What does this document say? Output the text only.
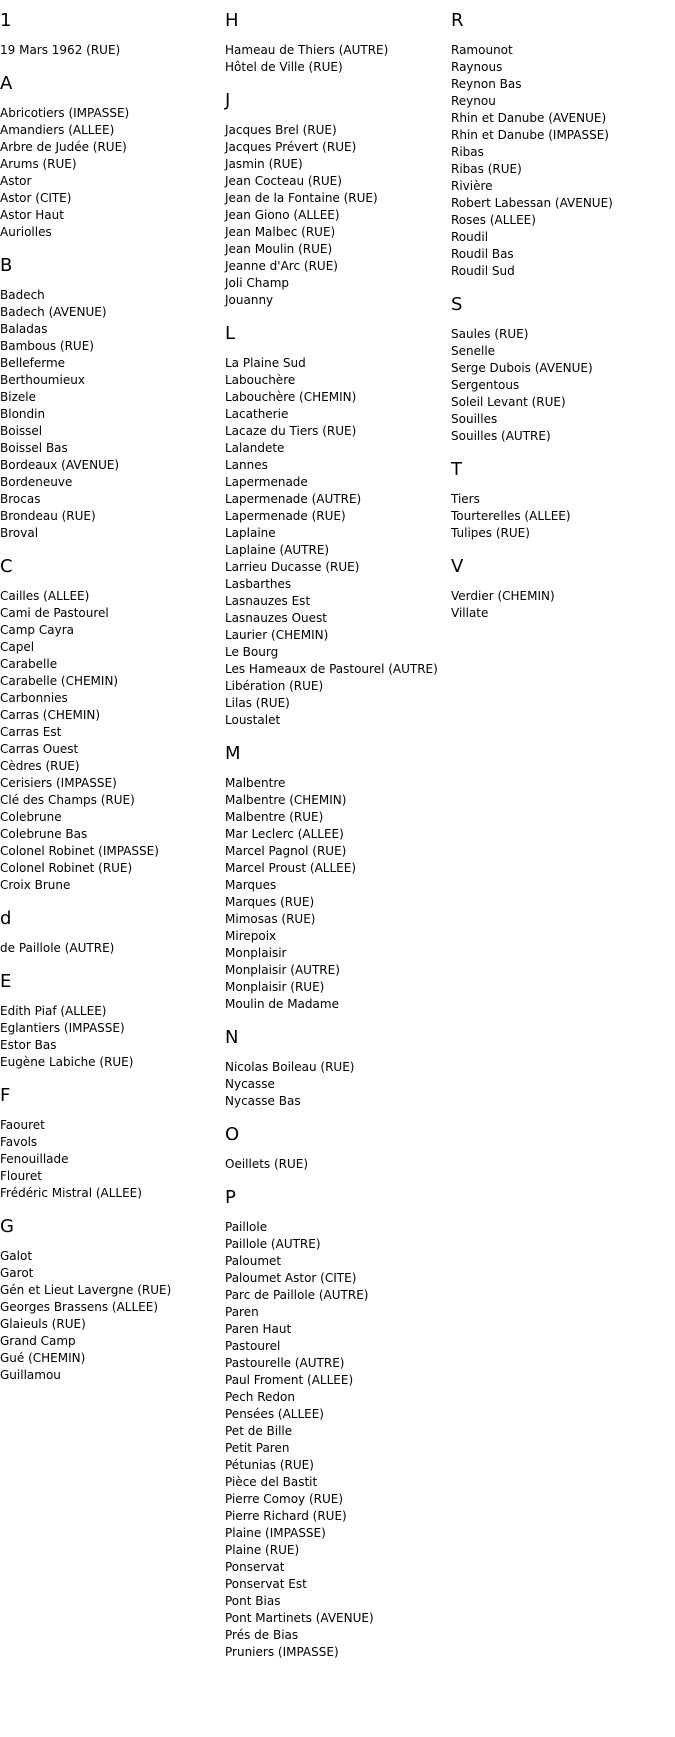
1
19 Mars 1962 (RUE)
A
Abricotiers (IMPASSE)
Amandiers (ALLEE)
Arbre de Judée (RUE)
Arums (RUE)
Astor
Astor (CITE)
Astor Haut
Auriolles
B
Badech
Badech (AVENUE)
Baladas
Bambous (RUE)
Belleferme
Berthoumieux
Bizele
Blondin
Boissel
Boissel Bas
Bordeaux (AVENUE)
Bordeneuve
Brocas
Brondeau (RUE)
Broval
C
Cailles (ALLEE)
Cami de Pastourel
Camp Cayra
Capel
Carabelle
Carabelle (CHEMIN)
Carbonnies
Carras (CHEMIN)
Carras Est
Carras Ouest
Cèdres (RUE)
Cerisiers (IMPASSE)
Clé des Champs (RUE)
Colebrune
Colebrune Bas
Colonel Robinet (IMPASSE)
Colonel Robinet (RUE)
Croix Brune
d
de Paillole (AUTRE)
E
Edith Piaf (ALLEE)
Eglantiers (IMPASSE)
Estor Bas
Eugène Labiche (RUE)
F
Faouret
Favols
Fenouillade
Flouret
Frédéric Mistral (ALLEE)
G
Galot
Garot
Gén et Lieut Lavergne (RUE)
Georges Brassens (ALLEE)
Glaieuls (RUE)
Grand Camp
Gué (CHEMIN)
Guillamou
H
Hameau de Thiers (AUTRE)
Hôtel de Ville (RUE)
J
Jacques Brel (RUE)
Jacques Prévert (RUE)
Jasmin (RUE)
Jean Cocteau (RUE)
Jean de la Fontaine (RUE)
Jean Giono (ALLEE)
Jean Malbec (RUE)
Jean Moulin (RUE)
Jeanne d'Arc (RUE)
Joli Champ
Jouanny
L
La Plaine Sud
Labouchère
Labouchère (CHEMIN)
Lacatherie
Lacaze du Tiers (RUE)
Lalandete
Lannes
Lapermenade
Lapermenade (AUTRE)
Lapermenade (RUE)
Laplaine
Laplaine (AUTRE)
Larrieu Ducasse (RUE)
Lasbarthes
Lasnauzes Est
Lasnauzes Ouest
Laurier (CHEMIN)
Le Bourg
Les Hameaux de Pastourel (AUTRE)
Libération (RUE)
Lilas (RUE)
Loustalet
M
Malbentre
Malbentre (CHEMIN)
Malbentre (RUE)
Mar Leclerc (ALLEE)
Marcel Pagnol (RUE)
Marcel Proust (ALLEE)
Marques
Marques (RUE)
Mimosas (RUE)
Mirepoix
Monplaisir
Monplaisir (AUTRE)
Monplaisir (RUE)
Moulin de Madame
N
Nicolas Boileau (RUE)
Nycasse
Nycasse Bas
O
Oeillets (RUE)
P
Paillole
Paillole (AUTRE)
Paloumet
Paloumet Astor (CITE)
Parc de Paillole (AUTRE)
Paren
Paren Haut
Pastourel
Pastourelle (AUTRE)
Paul Froment (ALLEE)
Pech Redon
Pensées (ALLEE)
Pet de Bille
Petit Paren
Pétunias (RUE)
Pièce del Bastit
Pierre Comoy (RUE)
Pierre Richard (RUE)
Plaine (IMPASSE)
Plaine (RUE)
Ponservat
Ponservat Est
Pont Bias
Pont Martinets (AVENUE)
Prés de Bias
Pruniers (IMPASSE)
R
Ramounot
Raynous
Reynon Bas
Reynou
Rhin et Danube (AVENUE)
Rhin et Danube (IMPASSE)
Ribas
Ribas (RUE)
Rivière
Robert Labessan (AVENUE)
Roses (ALLEE)
Roudil
Roudil Bas
Roudil Sud
S
Saules (RUE)
Senelle
Serge Dubois (AVENUE)
Sergentous
Soleil Levant (RUE)
Souilles
Souilles (AUTRE)
T
Tiers
Tourterelles (ALLEE)
Tulipes (RUE)
V
Verdier (CHEMIN)
Villate
